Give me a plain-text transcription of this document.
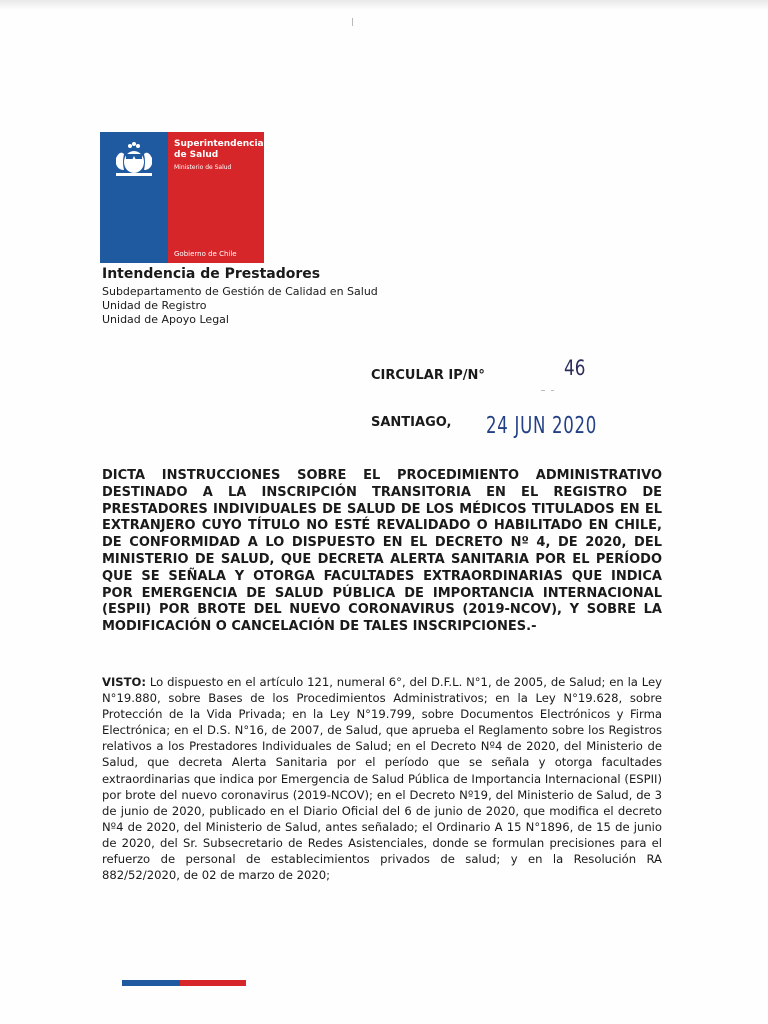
Superintendencia
de Salud
Ministerio de Salud
Gobierno de Chile
Intendencia de Prestadores
Subdepartamento de Gestión de Calidad en Salud
Unidad de Registro
Unidad de Apoyo Legal
CIRCULAR IP/N°	46
SANTIAGO, 24 JUN 2020
DICTA INSTRUCCIONES SOBRE EL PROCEDIMIENTO ADMINISTRATIVO DESTINADO A LA INSCRIPCIÓN TRANSITORIA EN EL REGISTRO DE PRESTADORES INDIVIDUALES DE SALUD DE LOS MÉDICOS TITULADOS EN EL EXTRANJERO CUYO TÍTULO NO ESTÉ REVALIDADO O HABILITADO EN CHILE, DE CONFORMIDAD A LO DISPUESTO EN EL DECRETO Nº 4, DE 2020, DEL MINISTERIO DE SALUD, QUE DECRETA ALERTA SANITARIA POR EL PERÍODO QUE SE SEÑALA Y OTORGA FACULTADES EXTRAORDINARIAS QUE INDICA POR EMERGENCIA DE SALUD PÚBLICA DE IMPORTANCIA INTERNACIONAL (ESPII) POR BROTE DEL NUEVO CORONAVIRUS (2019-NCOV), Y SOBRE LA MODIFICACIÓN O CANCELACIÓN DE TALES INSCRIPCIONES.-
VISTO: Lo dispuesto en el artículo 121, numeral 6°, del D.F.L. N°1, de 2005, de Salud; en la Ley N°19.880, sobre Bases de los Procedimientos Administrativos; en la Ley N°19.628, sobre Protección de la Vida Privada; en la Ley N°19.799, sobre Documentos Electrónicos y Firma Electrónica; en el D.S. N°16, de 2007, de Salud, que aprueba el Reglamento sobre los Registros relativos a los Prestadores Individuales de Salud; en el Decreto Nº4 de 2020, del Ministerio de Salud, que decreta Alerta Sanitaria por el período que se señala y otorga facultades extraordinarias que indica por Emergencia de Salud Pública de Importancia Internacional (ESPII) por brote del nuevo coronavirus (2019-NCOV); en el Decreto Nº19, del Ministerio de Salud, de 3 de junio de 2020, publicado en el Diario Oficial del 6 de junio de 2020, que modifica el decreto Nº4 de 2020, del Ministerio de Salud, antes señalado; el Ordinario A 15 N°1896, de 15 de junio de 2020, del Sr. Subsecretario de Redes Asistenciales, donde se formulan precisiones para el refuerzo de personal de establecimientos privados de salud; y en la Resolución RA 882/52/2020, de 02 de marzo de 2020;
